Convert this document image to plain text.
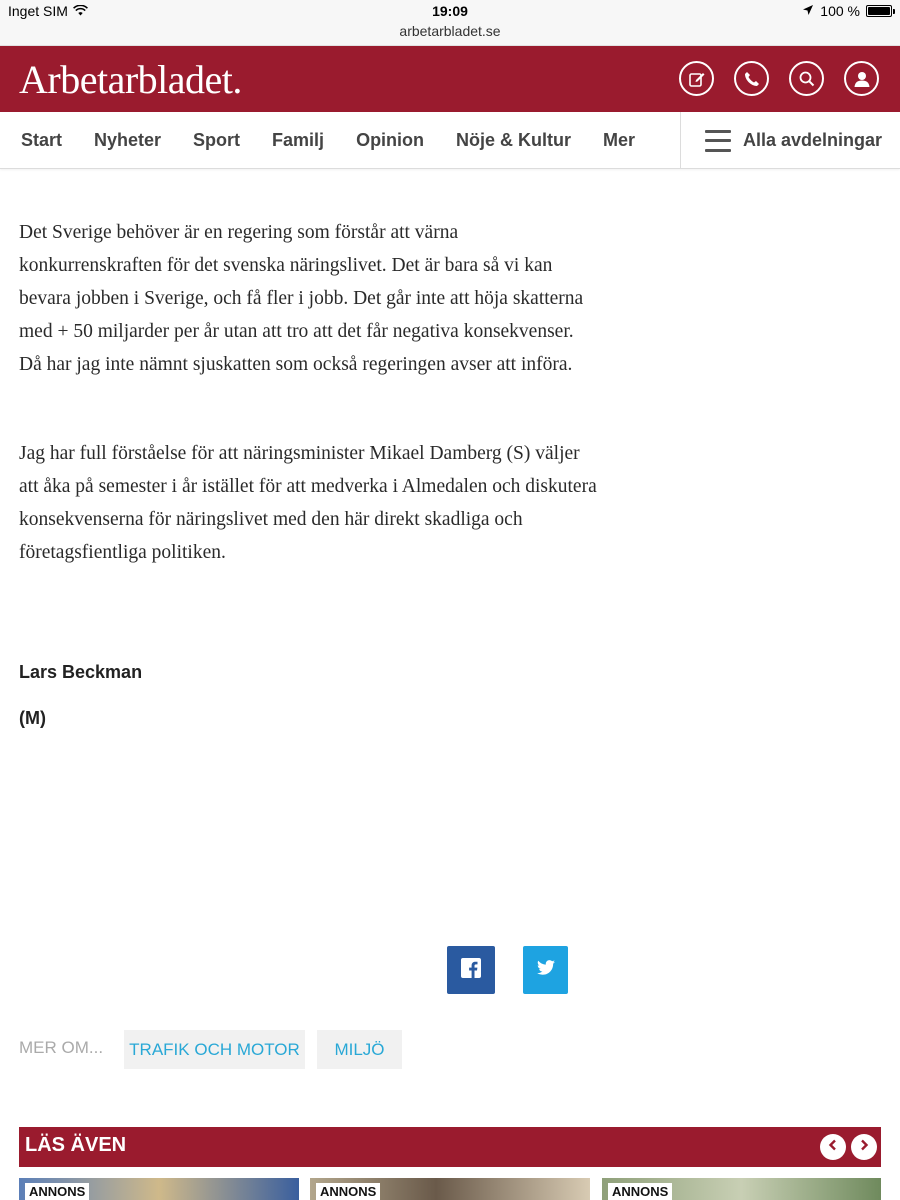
Inget SIM	19:09	100 %
arbetarbladet.se
Arbetarbladet.
Start Nyheter Sport Familj Opinion Nöje & Kultur Mer	Alla avdelningar

Det Sverige behöver är en regering som förstår att värna konkurrenskraften för det svenska näringslivet. Det är bara så vi kan bevara jobben i Sverige, och få fler i jobb. Det går inte att höja skatterna med + 50 miljarder per år utan att tro att det får negativa konsekvenser. Då har jag inte nämnt sjuskatten som också regeringen avser att införa.

Jag har full förståelse för att näringsminister Mikael Damberg (S) väljer att åka på semester i år istället för att medverka i Almedalen och diskutera konsekvenserna för näringslivet med den här direkt skadliga och företagsfientliga politiken.

Lars Beckman
(M)
MER OM...	TRAFIK OCH MOTOR	MILJÖ
LÄS ÄVEN
ANNONS	ANNONS	ANNONS
